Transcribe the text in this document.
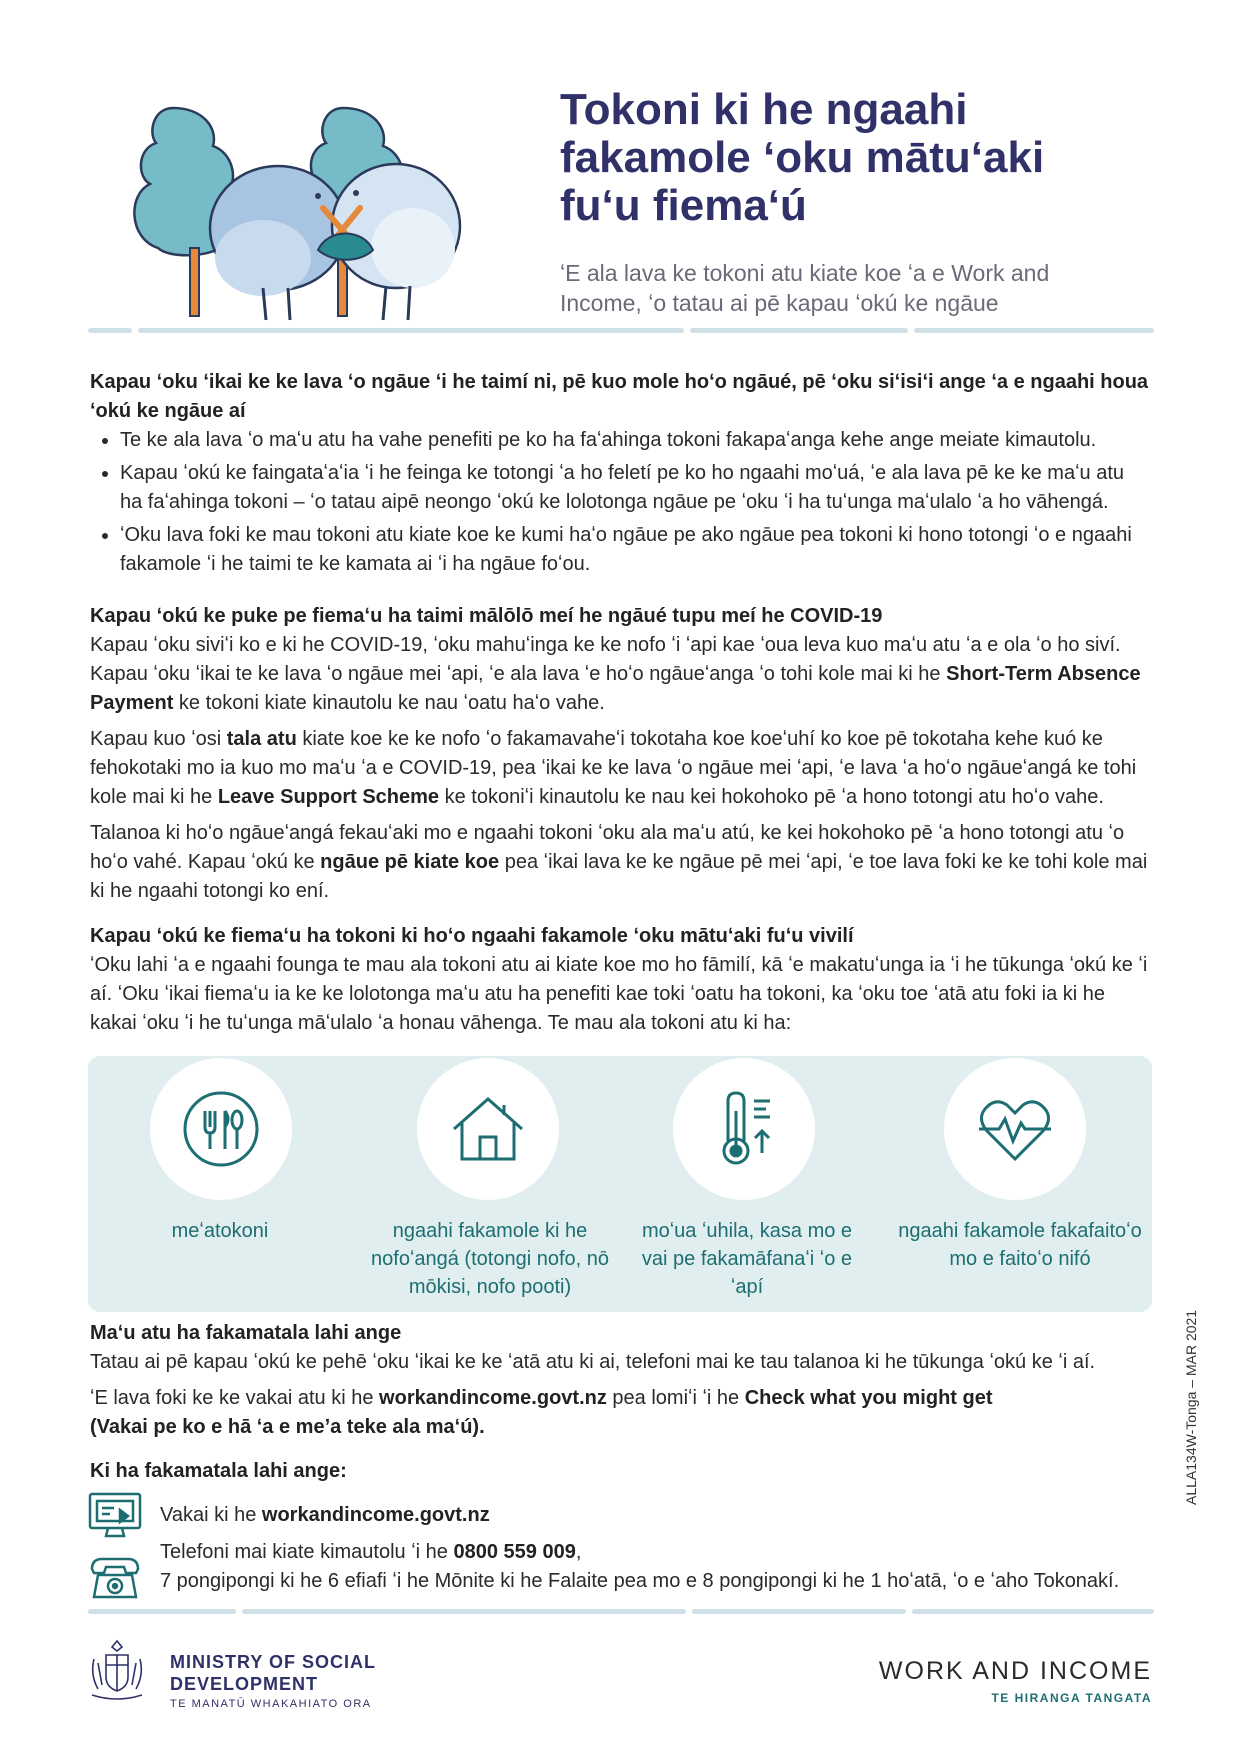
Tokoni ki he ngaahi
fakamole ʻoku mātuʻaki
fuʻu fiemaʻú
ʻE ala lava ke tokoni atu kiate koe ʻa e Work and
Income, ʻo tatau ai pē kapau ʻokú ke ngāue
Kapau ʻoku ʻikai ke ke lava ʻo ngāue ʻi he taimí ni, pē kuo mole hoʻo ngāué, pē ʻoku siʻisiʻi ange ʻa e ngaahi houa ʻokú ke ngāue aí
• Te ke ala lava ʻo maʻu atu ha vahe penefiti pe ko ha faʻahinga tokoni fakapaʻanga kehe ange meiate kimautolu.
• Kapau ʻokú ke faingataʻaʻia ʻi he feinga ke totongi ʻa ho feletí pe ko ho ngaahi moʻuá, ʻe ala lava pē ke ke maʻu atu ha faʻahinga tokoni – ʻo tatau aipē neongo ʻokú ke lolotonga ngāue pe ʻoku ʻi ha tuʻunga maʻulalo ʻa ho vāhengá.
• ʻOku lava foki ke mau tokoni atu kiate koe ke kumi haʻo ngāue pe ako ngāue pea tokoni ki hono totongi ʻo e ngaahi fakamole ʻi he taimi te ke kamata ai ʻi ha ngāue foʻou.
Kapau ʻokú ke puke pe fiemaʻu ha taimi mālōlō meí he ngāué tupu meí he COVID-19

Kapau ʻoku siviʻi ko e ki he COVID-19, ʻoku mahuʻinga ke ke nofo ʻi ʻapi kae ʻoua leva kuo maʻu atu ʻa e ola ʻo ho siví. Kapau ʻoku ʻikai te ke lava ʻo ngāue mei ʻapi, ʻe ala lava ʻe hoʻo ngāueʻanga ʻo tohi kole mai ki he Short-Term Absence Payment ke tokoni kiate kinautolu ke nau ʻoatu haʻo vahe.

Kapau kuo ʻosi tala atu kiate koe ke ke nofo ʻo fakamavaheʻi tokotaha koe koeʻuhí ko koe pē tokotaha kehe kuó ke fehokotaki mo ia kuo mo maʻu ʻa e COVID-19, pea ʻikai ke ke lava ʻo ngāue mei ʻapi, ʻe lava ʻa hoʻo ngāueʻangá ke tohi kole mai ki he Leave Support Scheme ke tokoniʻi kinautolu ke nau kei hokohoko pē ʻa hono totongi atu hoʻo vahe.

Talanoa ki hoʻo ngāueʻangá fekauʻaki mo e ngaahi tokoni ʻoku ala maʻu atú, ke kei hokohoko pē ʻa hono totongi atu ʻo hoʻo vahé. Kapau ʻokú ke ngāue pē kiate koe pea ʻikai lava ke ke ngāue pē mei ʻapi, ʻe toe lava foki ke ke tohi kole mai ki he ngaahi totongi ko ení.

Kapau ʻokú ke fiemaʻu ha tokoni ki hoʻo ngaahi fakamole ʻoku mātuʻaki fuʻu vivilí

ʻOku lahi ʻa e ngaahi founga te mau ala tokoni atu ai kiate koe mo ho fāmilí, kā ʻe makatuʻunga ia ʻi he tūkunga ʻokú ke ʻi aí. ʻOku ʻikai fiemaʻu ia ke ke lolotonga maʻu atu ha penefiti kae toki ʻoatu ha tokoni, ka ʻoku toe ʻatā atu foki ia ki he kakai ʻoku ʻi he tuʻunga māʻulalo ʻa honau vāhenga. Te mau ala tokoni atu ki ha:

meʻatokoni	ngaahi fakamole ki he nofoʻangá (totongi nofo, nō mōkisi, nofo pooti)
moʻua ʻuhila, kasa mo e vai pe fakamāfanaʻi ʻo e ʻapí
ngaahi fakamole fakafaitoʻo mo e faitoʻo nifó
Maʻu atu ha fakamatala lahi ange

Tatau ai pē kapau ʻokú ke pehē ʻoku ʻikai ke ke ʻatā atu ki ai, telefoni mai ke tau talanoa ki he tūkunga ʻokú ke ʻi aí.

ʻE lava foki ke ke vakai atu ki he workandincome.govt.nz pea lomiʻi ʻi he Check what you might get
(Vakai pe ko e hā ʻa e meʼa teke ala maʻú).

Ki ha fakamatala lahi ange:
Vakai ki he workandincome.govt.nz
Telefoni mai kiate kimautolu ʻi he 0800 559 009,
7 pongipongi ki he 6 efiafi ʻi he Mōnite ki he Falaite pea mo e 8 pongipongi ki he 1 hoʻatā, ʻo e ʻaho Tokonakí.
MINISTRY OF SOCIAL
DEVELOPMENT
TE MANATŪ WHAKAHIATO ORA
WORK AND INCOME
TE HIRANGA TANGATA
ALLA134W-Tonga – MAR 2021
